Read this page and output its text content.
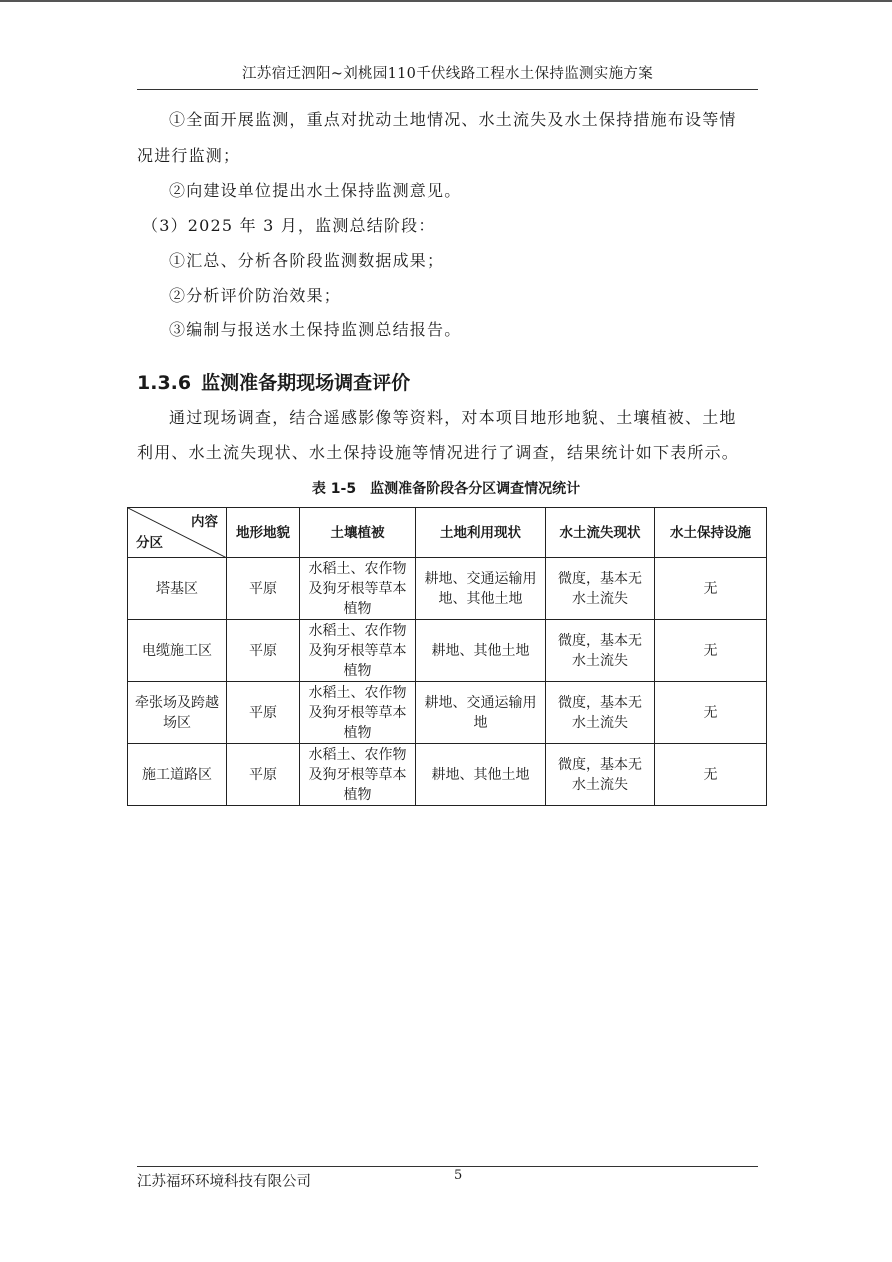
江苏宿迁泗阳~刘桃园110千伏线路工程水土保持监测实施方案
①全面开展监测，重点对扰动土地情况、水土流失及水土保持措施布设等情
况进行监测；
②向建设单位提出水土保持监测意见。
（3）2025 年 3 月，监测总结阶段：
①汇总、分析各阶段监测数据成果；
②分析评价防治效果；
③编制与报送水土保持监测总结报告。
1.3.6 监测准备期现场调查评价
通过现场调查，结合遥感影像等资料，对本项目地形地貌、土壤植被、土地
利用、水土流失现状、水土保持设施等情况进行了调查，结果统计如下表所示。
表 1-5　监测准备阶段各分区调查情况统计
内容
分区	地形地貌	土壤植被	土地利用现状	水土流失现状	水土保持设施
塔基区	平原	水稻土、农作物及狗牙根等草本植物	耕地、交通运输用地、其他土地	微度，基本无水土流失	无
电缆施工区	平原	水稻土、农作物及狗牙根等草本植物	耕地、其他土地	微度，基本无水土流失	无
牵张场及跨越场区	平原	水稻土、农作物及狗牙根等草本植物	耕地、交通运输用地	微度，基本无水土流失	无
施工道路区	平原	水稻土、农作物及狗牙根等草本植物	耕地、其他土地	微度，基本无水土流失	无
江苏福环环境科技有限公司	5
